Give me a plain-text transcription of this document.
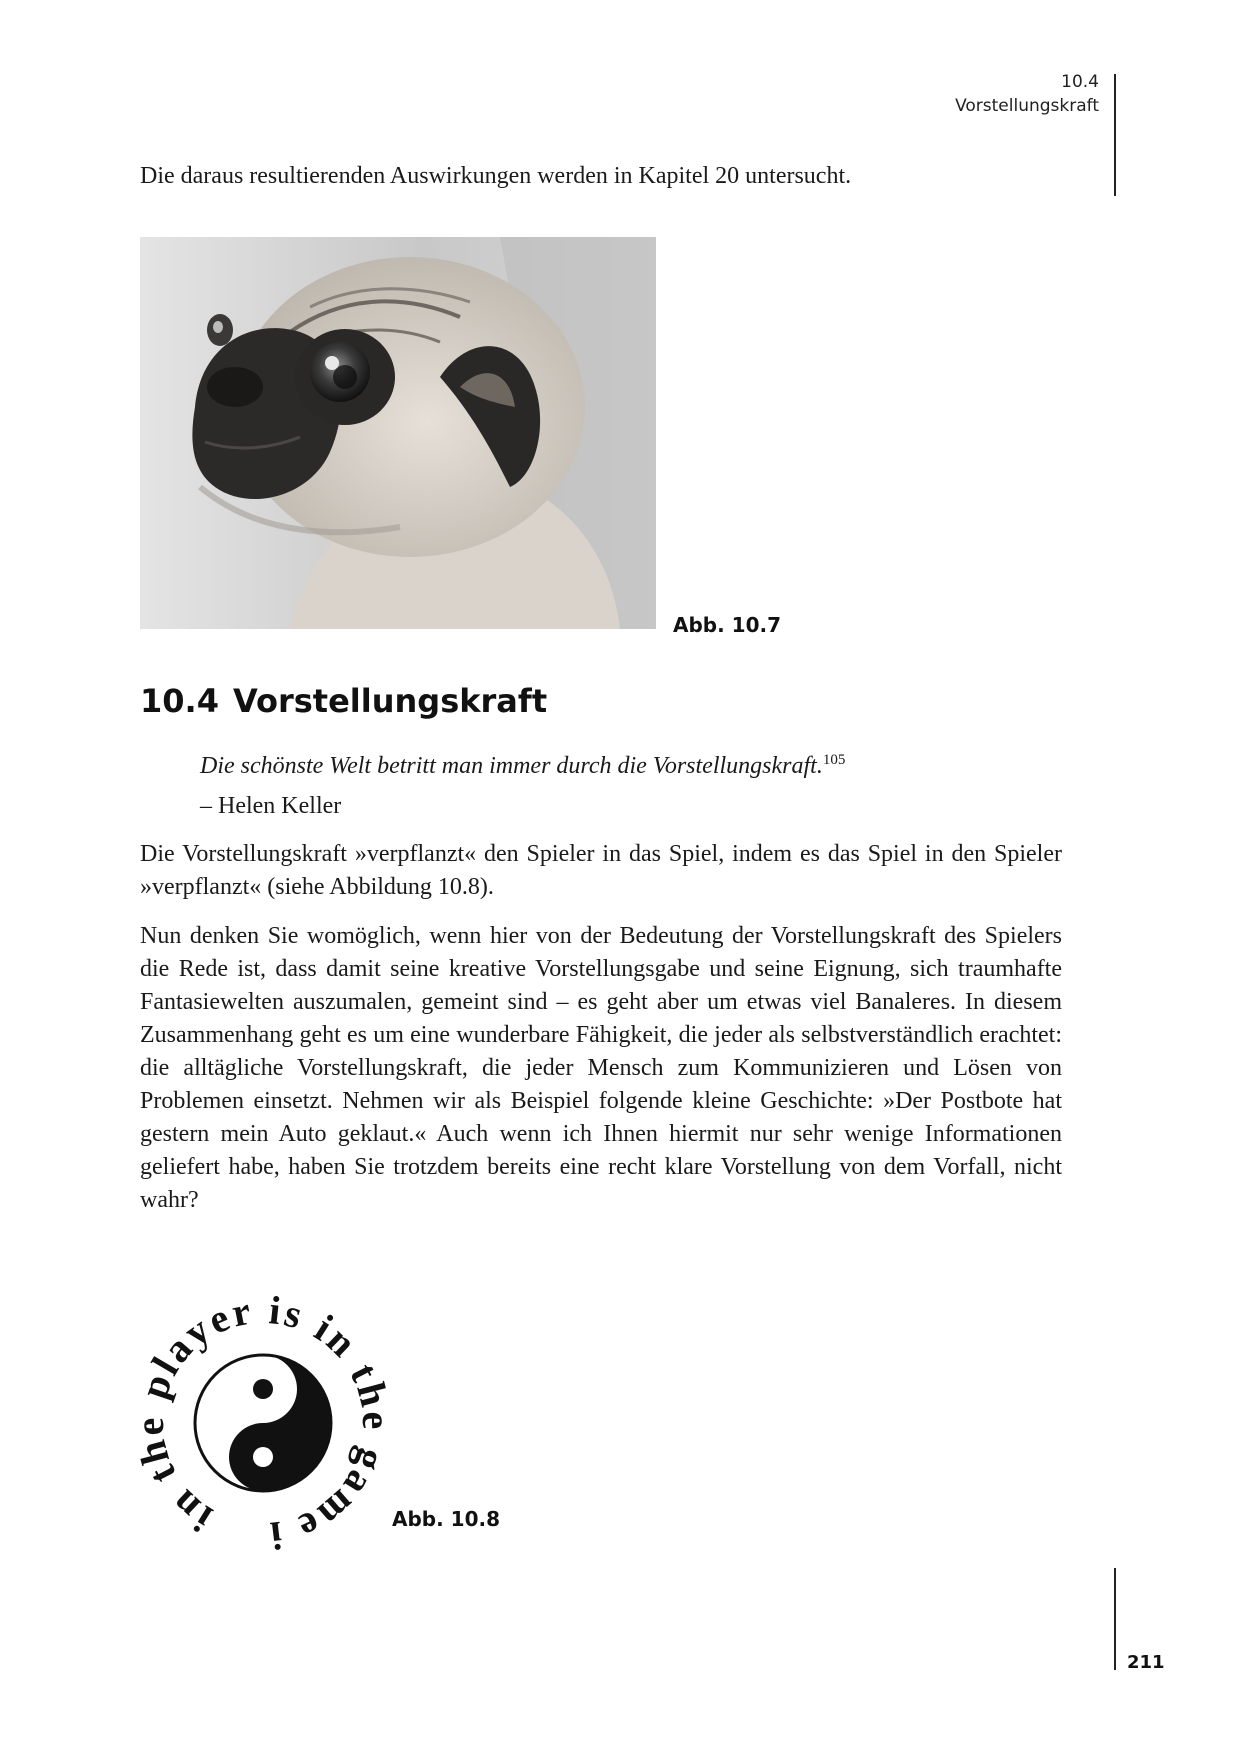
10.4
Vorstellungskraft

Die daraus resultierenden Auswirkungen werden in Kapitel 20 untersucht.

Abb. 10.7
10.4 Vorstellungskraft
Die schönste Welt betritt man immer durch die Vorstellungskraft.$^{105}$
– Helen Keller

Die Vorstellungskraft »verpflanzt« den Spieler in das Spiel, indem es das Spiel in den Spieler »verpflanzt« (siehe Abbildung 10.8).

Nun denken Sie womöglich, wenn hier von der Bedeutung der Vorstellungskraft des Spielers die Rede ist, dass damit seine kreative Vorstellungsgabe und seine Eignung, sich traumhafte Fantasiewelten auszumalen, gemeint sind – es geht aber um etwas viel Banaleres. In diesem Zusammenhang geht es um eine wunderbare Fähigkeit, die jeder als selbstverständlich erachtet: die alltägliche Vorstellungskraft, die jeder Mensch zum Kommunizieren und Lösen von Problemen einsetzt. Nehmen wir als Beispiel folgende kleine Geschichte: »Der Postbote hat gestern mein Auto geklaut.« Auch wenn ich Ihnen hiermit nur sehr wenige Informationen geliefert habe, haben Sie trotzdem bereits eine recht klare Vorstellung von dem Vorfall, nicht wahr?

in the player is in the game i	Abb. 10.8
211
